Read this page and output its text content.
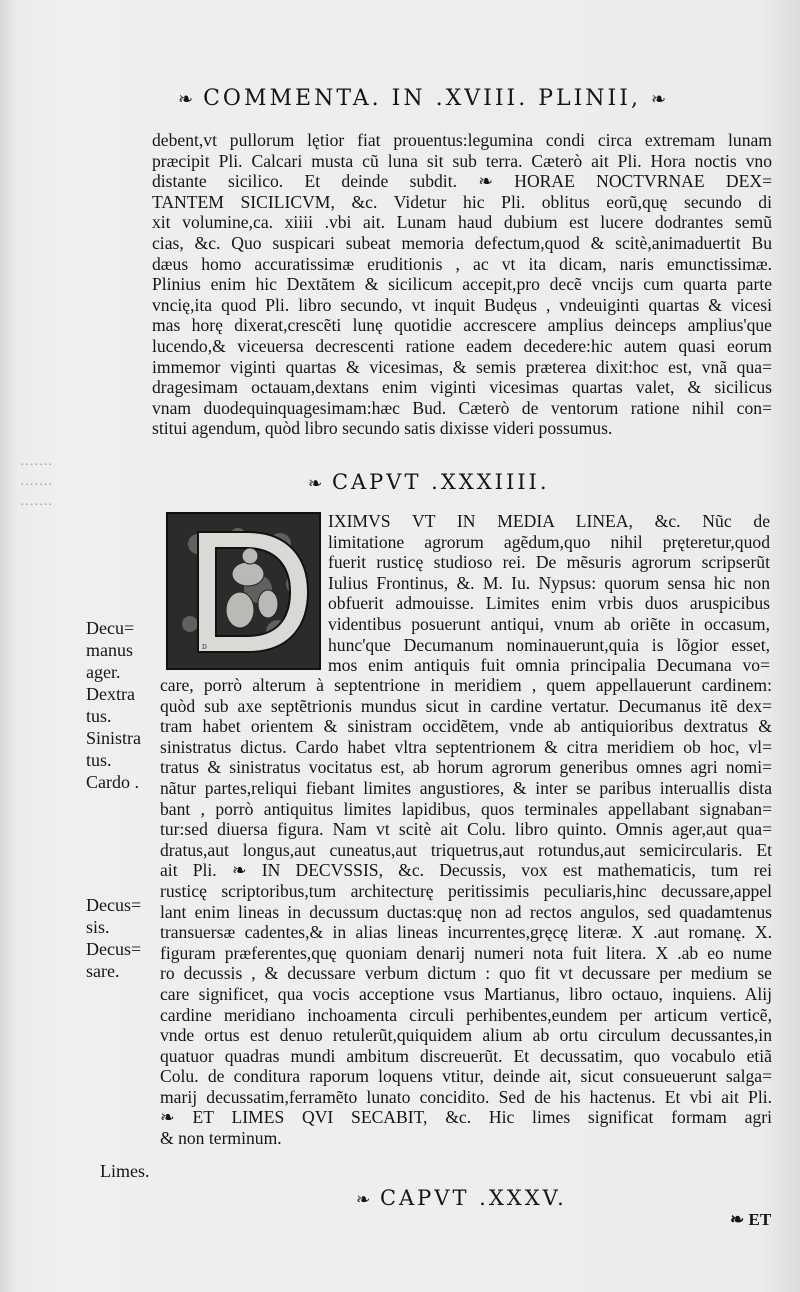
·······
·······
·······
❧ COMMENTA. IN .XVIII. PLINII, ❧
debent,vt pullorum lętior fiat prouentus:legumina condi circa extremam lunam
præcipit Pli. Calcari musta cũ luna sit sub terra. Cæterò ait Pli. Hora noctis vno
distante sicilico. Et deinde subdit. ❧ HORAE NOCTVRNAE DEX=
TANTEM SICILICVM, &c. Videtur hic Pli. oblitus eorũ,quę secundo di
xit volumine,ca. xiiii .vbi ait. Lunam haud dubium est lucere dodrantes semũ
cias, &c. Quo suspicari subeat memoria defectum,quod & scitè,animaduertit Bu
dæus homo accuratissimæ eruditionis , ac vt ita dicam, naris emunctissimæ.
Plinius enim hic Dextătem & sicilicum accepit,pro decẽ vncijs cum quarta parte
vncię,ita quod Pli. libro secundo, vt inquit Budęus , vndeuiginti quartas & vicesi
mas horę dixerat,crescẽti lunę quotidie accrescere amplius deinceps amplius'que
lucendo,& viceuersa decrescenti ratione eadem decedere:hic autem quasi eorum
immemor viginti quartas & vicesimas, & semis præterea dixit:hoc est, vnã qua=
dragesimam octauam,dextans enim viginti vicesimas quartas valet, & sicilicus
vnam duodequinquagesimam:hæc Bud. Cæterò de ventorum ratione nihil con=
stitui agendum, quòd libro secundo satis dixisse videri possumus.
❧ CAPVT .XXXIIII.
D
IXIMVS VT IN MEDIA LINEA, &c. Nũc de
limitatione agrorum agẽdum,quo nihil pręteretur,quod
fuerit rusticę studioso rei. De mẽsuris agrorum scripserũt
Iulius Frontinus, &. M. Iu. Nypsus: quorum sensa hic non
obfuerit admouisse. Limites enim vrbis duos aruspicibus
videntibus posuerunt antiqui, vnum ab oriẽte in occasum,
hunc'que Decumanum nominauerunt,quia is lõgior esset,
mos enim antiquis fuit omnia principalia Decumana vo=
care, porrò alterum à septentrione in meridiem , quem appellauerunt cardinem:
quòd sub axe septẽtrionis mundus sicut in cardine vertatur. Decumanus itẽ dex=
tram habet orientem & sinistram occidẽtem, vnde ab antiquioribus dextratus &
sinistratus dictus. Cardo habet vltra septentrionem & citra meridiem ob hoc, vl=
tratus & sinistratus vocitatus est, ab horum agrorum generibus omnes agri nomi=
nãtur partes,reliqui fiebant limites angustiores, & inter se paribus interuallis dista
bant , porrò antiquitus limites lapidibus, quos terminales appellabant signaban=
tur:sed diuersa figura. Nam vt scitè ait Colu. libro quinto. Omnis ager,aut qua=
dratus,aut longus,aut cuneatus,aut triquetrus,aut rotundus,aut semicircularis. Et
ait Pli. ❧ IN DECVSSIS, &c. Decussis, vox est mathematicis, tum rei
rusticę scriptoribus,tum architecturę peritissimis peculiaris,hinc decussare,appel
lant enim lineas in decussum ductas:quę non ad rectos angulos, sed quadamtenus
transuersæ cadentes,& in alias lineas incurrentes,gręcę literæ. X .aut romanę. X.
figuram præferentes,quę quoniam denarij numeri nota fuit litera. X .ab eo nume
ro decussis , & decussare verbum dictum : quo fit vt decussare per medium se
care significet, qua vocis acceptione vsus Martianus, libro octauo, inquiens. Alij
cardine meridiano inchoamenta circuli perhibentes,eundem per articum verticẽ,
vnde ortus est denuo retulerũt,quiquidem alium ab ortu circulum decussantes,in
quatuor quadras mundi ambitum discreuerũt. Et decussatim, quo vocabulo etiã
Colu. de conditura raporum loquens vtitur, deinde ait, sicut consueuerunt salga=
marij decussatim,ferramẽto lunato concidito. Sed de his hactenus. Et vbi ait Pli.
❧ ET LIMES QVI SECABIT, &c. Hic limes significat formam agri
& non terminum.
❧ CAPVT .XXXV.
Decu=
manus
ager.
Dextra
tus.
Sinistra
tus.
Cardo .
Decus=
sis.
Decus=
sare.
Limes.
❧ ET
